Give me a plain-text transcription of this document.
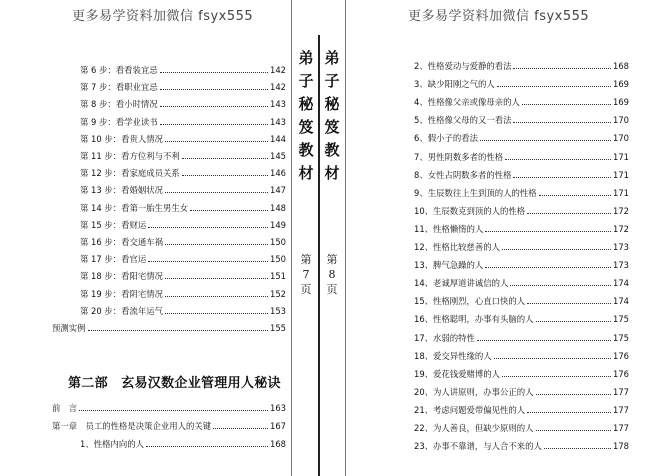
更多易学资料加微信 fsyx555
第 6 步：看看装宜忌	142
第 7 步：看职业宜忌	142
第 8 步：看小时情况	143
第 9 步：看学业读书	143
第 10 步：看贵人情况	144
第 11 步：看方位利与不利	145
第 12 步：看家庭成员关系	146
第 13 步：看婚姻状况	147
第 14 步：看第一胎生男生女	148
第 15 步：看财运	149
第 16 步：看交通车祸	150
第 17 步：看官运	150
第 18 步：看阳宅情况	151
第 19 步：看阴宅情况	152
第 20 步：看流年运气	153
预测实例	155
第二部　玄易汉数企业管理用人秘诀
前　言	163
第一章　员工的性格是决策企业用人的关键	167
1、性格内向的人	168
弟
子
秘
笈
教
材
弟
子
秘
笈
教
材
第
7
页
第
8
页
更多易学资料加微信 fsyx555
2、性格爱动与爱静的看法	168
3、缺少阳刚之气的人	169
4、性格像父亲或像母亲的人	169
5、性格像父母的又一看法	170
6、假小子的看法	170
7、男性阴数多者的性格	171
8、女性占阴数多者的性格	171
9、生辰数往上生到顶的人的性格	171
10、生辰数克到顶的人的性格	172
11、性格懒惰的人	172
12、性格比较慈善的人	173
13、脾气急躁的人	173
14、老诚厚道讲诚信的人	174
15、性格刚烈，心直口快的人	174
16、性格聪明，办事有头脑的人	175
17、水弱的特性	175
18、爱交异性缘的人	176
19、爱花钱爱赌博的人	176
20、为人讲原则，办事公正的人	177
21、考虑问题爱带偏见性的人	177
22、为人善良，但缺少原则的人	177
23、办事不靠谱，与人合不来的人	178
